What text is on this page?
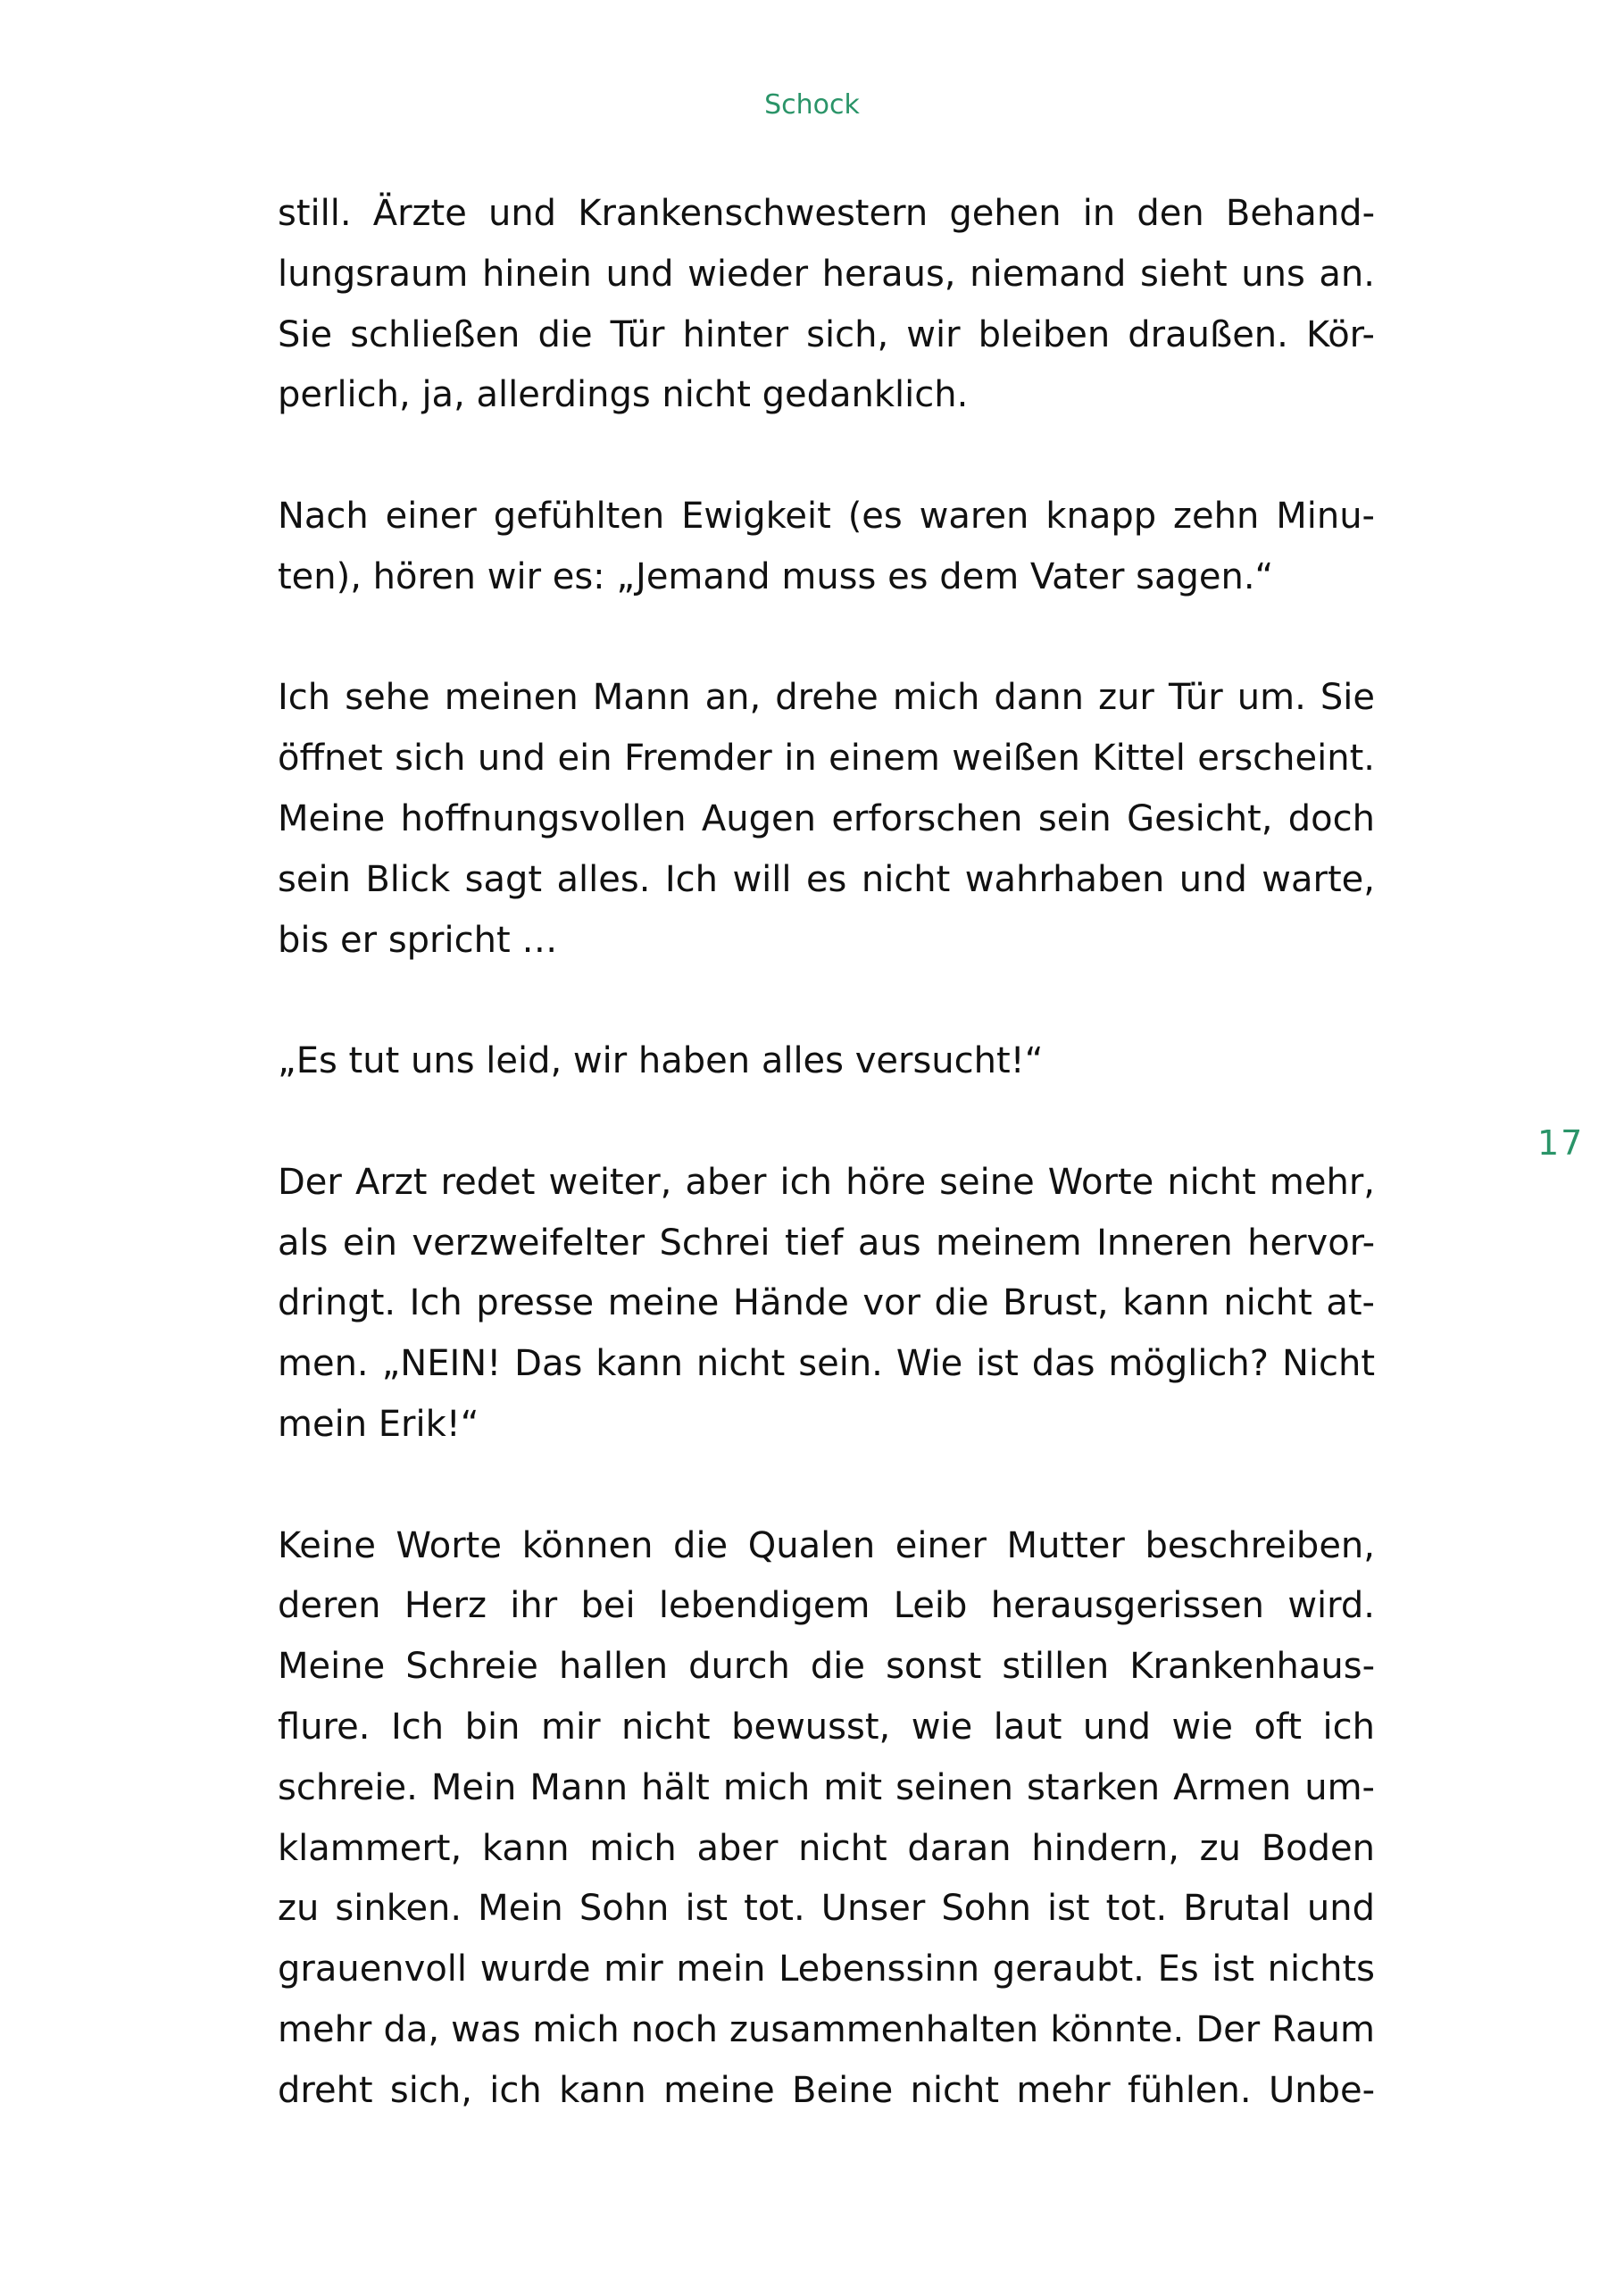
Schock
17
still. Ärzte und Krankenschwestern gehen in den Behand-
lungsraum hinein und wieder heraus, niemand sieht uns an.
Sie schließen die Tür hinter sich, wir bleiben draußen. Kör-
perlich, ja, allerdings nicht gedanklich.
Nach einer gefühlten Ewigkeit (es waren knapp zehn Minu-
ten), hören wir es: „Jemand muss es dem Vater sagen.“
Ich sehe meinen Mann an, drehe mich dann zur Tür um. Sie
öffnet sich und ein Fremder in einem weißen Kittel erscheint.
Meine hoffnungsvollen Augen erforschen sein Gesicht, doch
sein Blick sagt alles. Ich will es nicht wahrhaben und warte,
bis er spricht …
„Es tut uns leid, wir haben alles versucht!“
Der Arzt redet weiter, aber ich höre seine Worte nicht mehr,
als ein verzweifelter Schrei tief aus meinem Inneren hervor-
dringt. Ich presse meine Hände vor die Brust, kann nicht at-
men. „NEIN! Das kann nicht sein. Wie ist das möglich? Nicht
mein Erik!“
Keine Worte können die Qualen einer Mutter beschreiben,
deren Herz ihr bei lebendigem Leib herausgerissen wird.
Meine Schreie hallen durch die sonst stillen Krankenhaus-
flure. Ich bin mir nicht bewusst, wie laut und wie oft ich
schreie. Mein Mann hält mich mit seinen starken Armen um-
klammert, kann mich aber nicht daran hindern, zu Boden
zu sinken. Mein Sohn ist tot. Unser Sohn ist tot. Brutal und
grauenvoll wurde mir mein Lebenssinn geraubt. Es ist nichts
mehr da, was mich noch zusammenhalten könnte. Der Raum
dreht sich, ich kann meine Beine nicht mehr fühlen. Unbe-
